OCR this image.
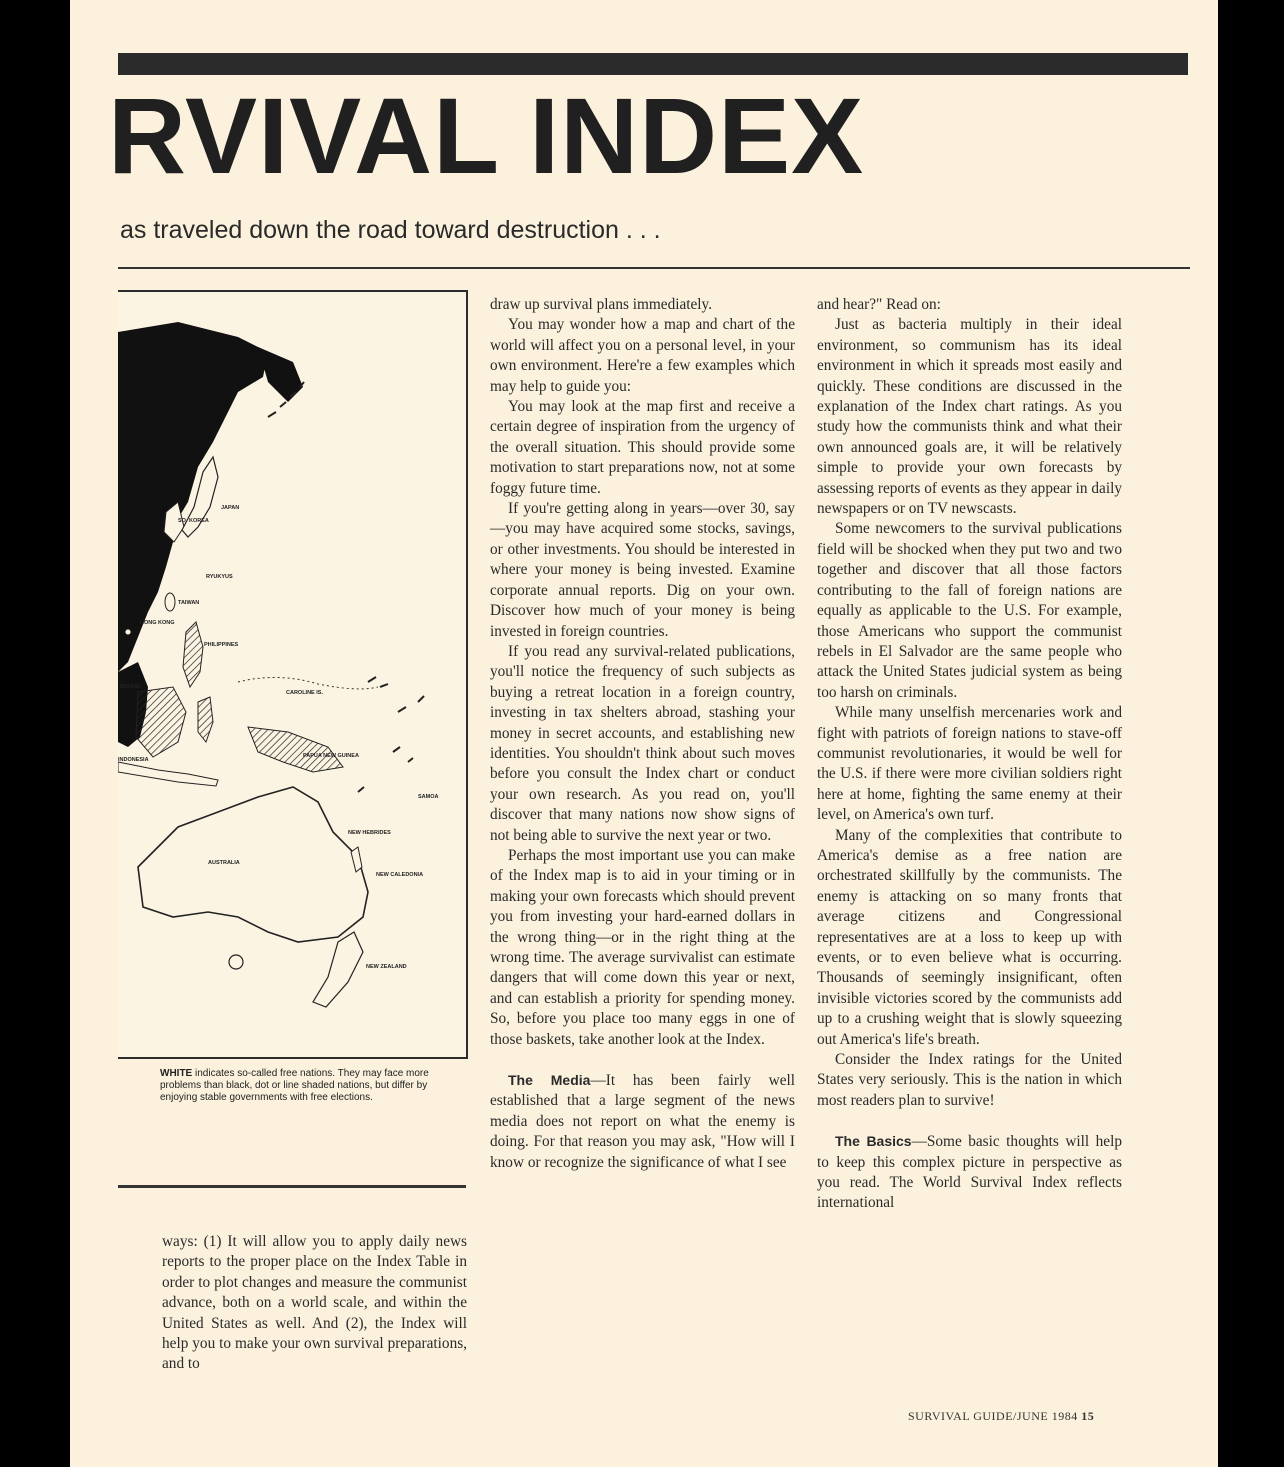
RVIVAL INDEX
as traveled down the road toward destruction . . .
SO. KOREA
JAPAN
RYUKYUS
TAIWAN
HONG KONG
PHILIPPINES
BRUNEI
CAROLINE IS.
INDONESIA
PAPUA NEW GUINEA
SAMOA
NEW HEBRIDES
NEW CALEDONIA
AUSTRALIA
NEW ZEALAND
WHITE indicates so-called free nations. They may face more problems than black, dot or line shaded nations, but differ by enjoying stable governments with free elections.

ways: (1) It will allow you to apply daily news reports to the proper place on the Index Table in order to plot changes and measure the communist advance, both on a world scale, and within the United States as well. And (2), the Index will help you to make your own survival preparations, and to

draw up survival plans immediately.

You may wonder how a map and chart of the world will affect you on a personal level, in your own environment. Here're a few examples which may help to guide you:

You may look at the map first and receive a certain degree of inspiration from the urgency of the overall situation. This should provide some motivation to start preparations now, not at some foggy future time.

If you're getting along in years—over 30, say—you may have acquired some stocks, savings, or other investments. You should be interested in where your money is being invested. Examine corporate annual reports. Dig on your own. Discover how much of your money is being invested in foreign countries.

If you read any survival-related publications, you'll notice the frequency of such subjects as buying a retreat location in a foreign country, investing in tax shelters abroad, stashing your money in secret accounts, and establishing new identities. You shouldn't think about such moves before you consult the Index chart or conduct your own research. As you read on, you'll discover that many nations now show signs of not being able to survive the next year or two.

Perhaps the most important use you can make of the Index map is to aid in your timing or in making your own forecasts which should prevent you from investing your hard-earned dollars in the wrong thing—or in the right thing at the wrong time. The average survivalist can estimate dangers that will come down this year or next, and can establish a priority for spending money. So, before you place too many eggs in one of those baskets, take another look at the Index.

The Media—It has been fairly well established that a large segment of the news media does not report on what the enemy is doing. For that reason you may ask, "How will I know or recognize the significance of what I see

and hear?" Read on:

Just as bacteria multiply in their ideal environment, so communism has its ideal environment in which it spreads most easily and quickly. These conditions are discussed in the explanation of the Index chart ratings. As you study how the communists think and what their own announced goals are, it will be relatively simple to provide your own forecasts by assessing reports of events as they appear in daily newspapers or on TV newscasts.

Some newcomers to the survival publications field will be shocked when they put two and two together and discover that all those factors contributing to the fall of foreign nations are equally as applicable to the U.S. For example, those Americans who support the communist rebels in El Salvador are the same people who attack the United States judicial system as being too harsh on criminals.

While many unselfish mercenaries work and fight with patriots of foreign nations to stave-off communist revolutionaries, it would be well for the U.S. if there were more civilian soldiers right here at home, fighting the same enemy at their level, on America's own turf.

Many of the complexities that contribute to America's demise as a free nation are orchestrated skillfully by the communists. The enemy is attacking on so many fronts that average citizens and Congressional representatives are at a loss to keep up with events, or to even believe what is occurring. Thousands of seemingly insignificant, often invisible victories scored by the communists add up to a crushing weight that is slowly squeezing out America's life's breath.

Consider the Index ratings for the United States very seriously. This is the nation in which most readers plan to survive!

The Basics—Some basic thoughts will help to keep this complex picture in perspective as you read. The World Survival Index reflects international

SURVIVAL GUIDE/JUNE 1984 15
